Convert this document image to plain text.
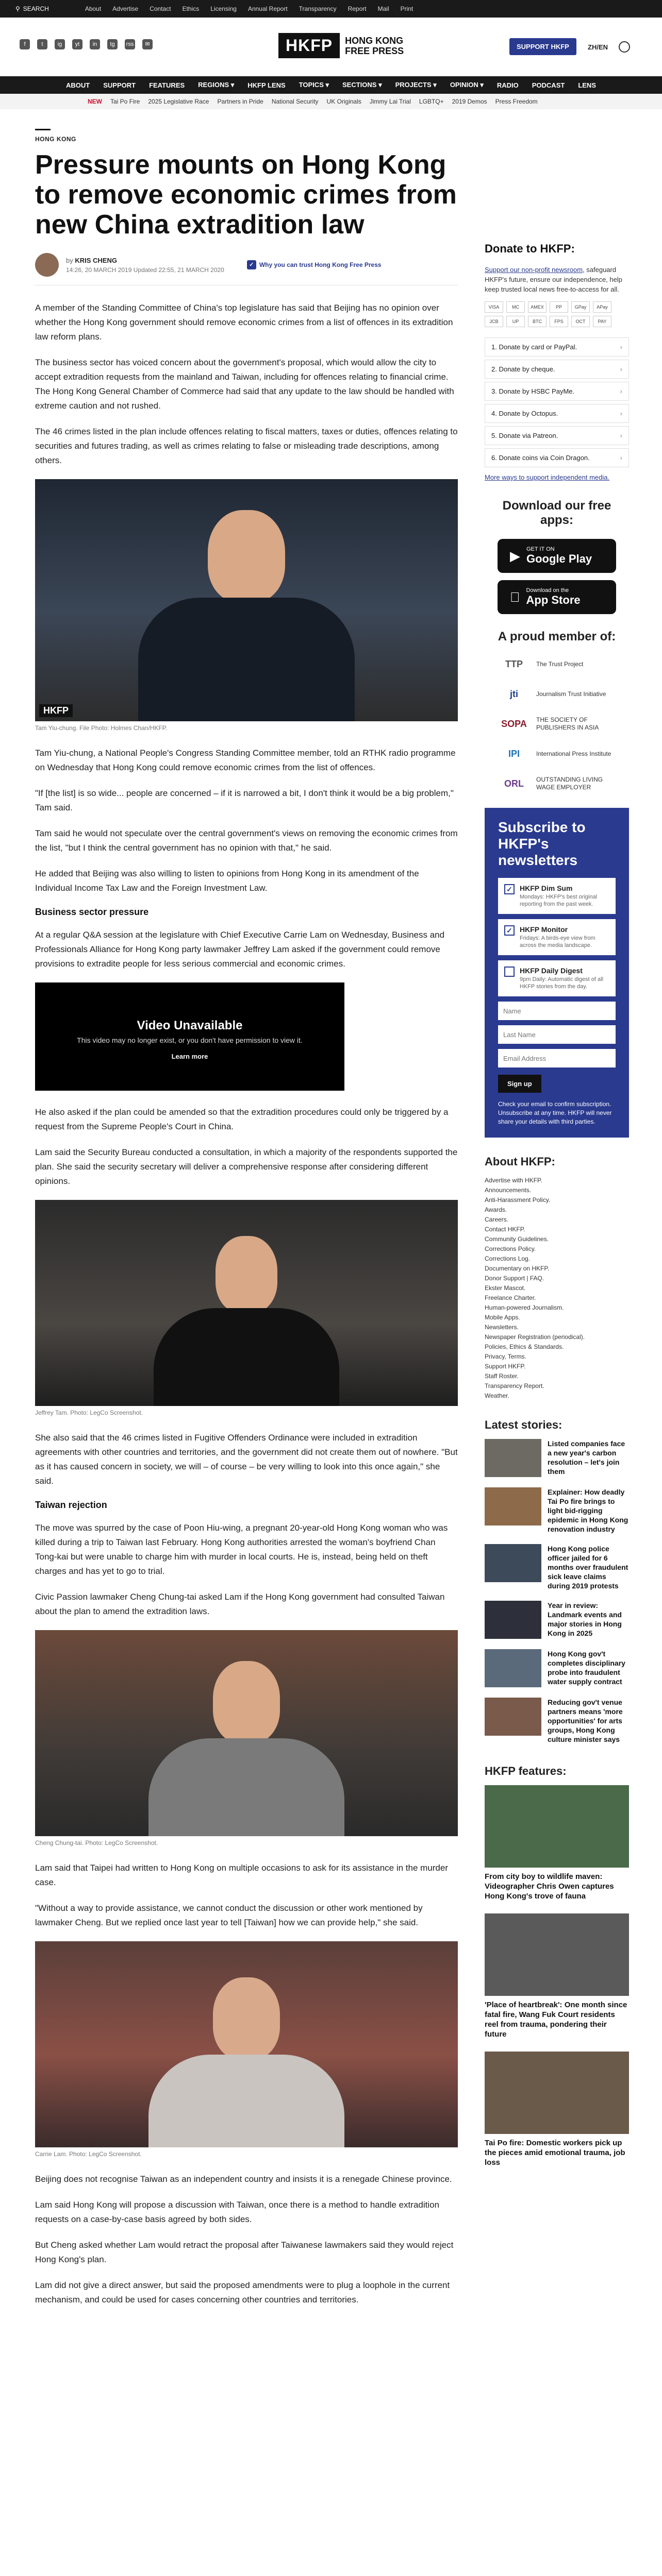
⚲ SEARCH	About Advertise Contact Ethics Licensing Annual Report Transparency Report Mail Print
f	t	ig	yt	in	tg	rss	✉	HKFP	HONG KONG
FREE PRESS	SUPPORT HKFP	ZH/EN
ABOUT SUPPORT FEATURES REGIONS ▾ HKFP LENS TOPICS ▾ SECTIONS ▾ PROJECTS ▾ OPINION ▾ RADIO PODCAST LENS
NEW Tai Po Fire 2025 Legislative Race Partners in Pride National Security UK Originals Jimmy Lai Trial LGBTQ+ 2019 Demos Press Freedom
HONG KONG
Pressure mounts on Hong Kong to remove economic crimes from new China extradition law
by KRIS CHENG
14:26, 20 MARCH 2019 Updated 22:55, 21 MARCH 2020
✓ Why you can trust Hong Kong Free Press

A member of the Standing Committee of China's top legislature has said that Beijing has no opinion over whether the Hong Kong government should remove economic crimes from a list of offences in its extradition law reform plans.

The business sector has voiced concern about the government's proposal, which would allow the city to accept extradition requests from the mainland and Taiwan, including for offences relating to financial crime. The Hong Kong General Chamber of Commerce had said that any update to the law should be handled with extreme caution and not rushed.

The 46 crimes listed in the plan include offences relating to fiscal matters, taxes or duties, offences relating to securities and futures trading, as well as crimes relating to false or misleading trade descriptions, among others.

HKFP
Tam Yiu-chung. File Photo: Holmes Chan/HKFP.

Tam Yiu-chung, a National People's Congress Standing Committee member, told an RTHK radio programme on Wednesday that Hong Kong could remove economic crimes from the list of offences.

"If [the list] is so wide... people are concerned – if it is narrowed a bit, I don't think it would be a big problem," Tam said.

Tam said he would not speculate over the central government's views on removing the economic crimes from the list, "but I think the central government has no opinion with that," he said.

He added that Beijing was also willing to listen to opinions from Hong Kong in its amendment of the Individual Income Tax Law and the Foreign Investment Law.

Business sector pressure

At a regular Q&A session at the legislature with Chief Executive Carrie Lam on Wednesday, Business and Professionals Alliance for Hong Kong party lawmaker Jeffrey Lam asked if the government could remove provisions to extradite people for less serious commercial and economic crimes.

Video Unavailable
This video may no longer exist, or you don't have permission to view it.
Learn more

He also asked if the plan could be amended so that the extradition procedures could only be triggered by a request from the Supreme People's Court in China.

Lam said the Security Bureau conducted a consultation, in which a majority of the respondents supported the plan. She said the security secretary will deliver a comprehensive response after considering different opinions.

Jeffrey Tam. Photo: LegCo Screenshot.

She also said that the 46 crimes listed in Fugitive Offenders Ordinance were included in extradition agreements with other countries and territories, and the government did not create them out of nowhere. "But as it has caused concern in society, we will – of course – be very willing to look into this once again," she said.

Taiwan rejection

The move was spurred by the case of Poon Hiu-wing, a pregnant 20-year-old Hong Kong woman who was killed during a trip to Taiwan last February. Hong Kong authorities arrested the woman's boyfriend Chan Tong-kai but were unable to charge him with murder in local courts. He is, instead, being held on theft charges and has yet to go to trial.

Civic Passion lawmaker Cheng Chung-tai asked Lam if the Hong Kong government had consulted Taiwan about the plan to amend the extradition laws.

Cheng Chung-tai. Photo: LegCo Screenshot.

Lam said that Taipei had written to Hong Kong on multiple occasions to ask for its assistance in the murder case.

"Without a way to provide assistance, we cannot conduct the discussion or other work mentioned by lawmaker Cheng. But we replied once last year to tell [Taiwan] how we can provide help," she said.

Carrie Lam. Photo: LegCo Screenshot.

Beijing does not recognise Taiwan as an independent country and insists it is a renegade Chinese province.

Lam said Hong Kong will propose a discussion with Taiwan, once there is a method to handle extradition requests on a case-by-case basis agreed by both sides.

But Cheng asked whether Lam would retract the proposal after Taiwanese lawmakers said they would reject Hong Kong's plan.

Lam did not give a direct answer, but said the proposed amendments were to plug a loophole in the current mechanism, and could be used for cases concerning other countries and territories.

Donate to HKFP:
Support our non-profit newsroom, safeguard HKFP's future, ensure our independence, help keep trusted local news free-to-access for all.
VISA	MC	AMEX	PP	GPay	APay
JCB	UP	BTC	FPS	OCT	PAY
1. Donate by card or PayPal.	›
2. Donate by cheque.	›
3. Donate by HSBC PayMe.	›
4. Donate by Octopus.	›
5. Donate via Patreon.	›
6. Donate coins via Coin Dragon.	›
More ways to support independent media.
Download our free apps:
▶ GET IT ON
Google Play
Download on the
App Store
A proud member of:
TTP	The Trust Project
jti	Journalism Trust Initiative
SOPA	THE SOCIETY OF PUBLISHERS IN ASIA
IPI	International Press Institute
ORL	OUTSTANDING LIVING WAGE EMPLOYER
Subscribe to HKFP's newsletters
✓ HKFP Dim Sum
Mondays: HKFP's best original reporting from the past week.
✓ HKFP Monitor
Fridays: A birds-eye view from across the media landscape.
HKFP Daily Digest
9pm Daily: Automatic digest of all HKFP stories from the day.
Name Last Name Email Address Sign up
Check your email to confirm subscription. Unsubscribe at any time. HKFP will never share your details with third parties.
About HKFP:
Advertise with HKFP.
Announcements.
Anti-Harassment Policy.
Awards.
Careers.
Contact HKFP.
Community Guidelines.
Corrections Policy.
Corrections Log.
Documentary on HKFP.
Donor Support | FAQ.
Ekster Mascot.
Freelance Charter.
Human-powered Journalism.
Mobile Apps.
Newsletters.
Newspaper Registration (periodical).
Policies, Ethics & Standards.
Privacy, Terms.
Support HKFP.
Staff Roster.
Transparency Report.
Weather.
Latest stories:
Listed companies face a new year's carbon resolution – let's join them
Explainer: How deadly Tai Po fire brings to light bid-rigging epidemic in Hong Kong renovation industry
Hong Kong police officer jailed for 6 months over fraudulent sick leave claims during 2019 protests
Year in review: Landmark events and major stories in Hong Kong in 2025
Hong Kong gov't completes disciplinary probe into fraudulent water supply contract
Reducing gov't venue partners means 'more opportunities' for arts groups, Hong Kong culture minister says
HKFP features:
From city boy to wildlife maven: Videographer Chris Owen captures Hong Kong's trove of fauna
'Place of heartbreak': One month since fatal fire, Wang Fuk Court residents reel from trauma, pondering their future
Tai Po fire: Domestic workers pick up the pieces amid emotional trauma, job loss
